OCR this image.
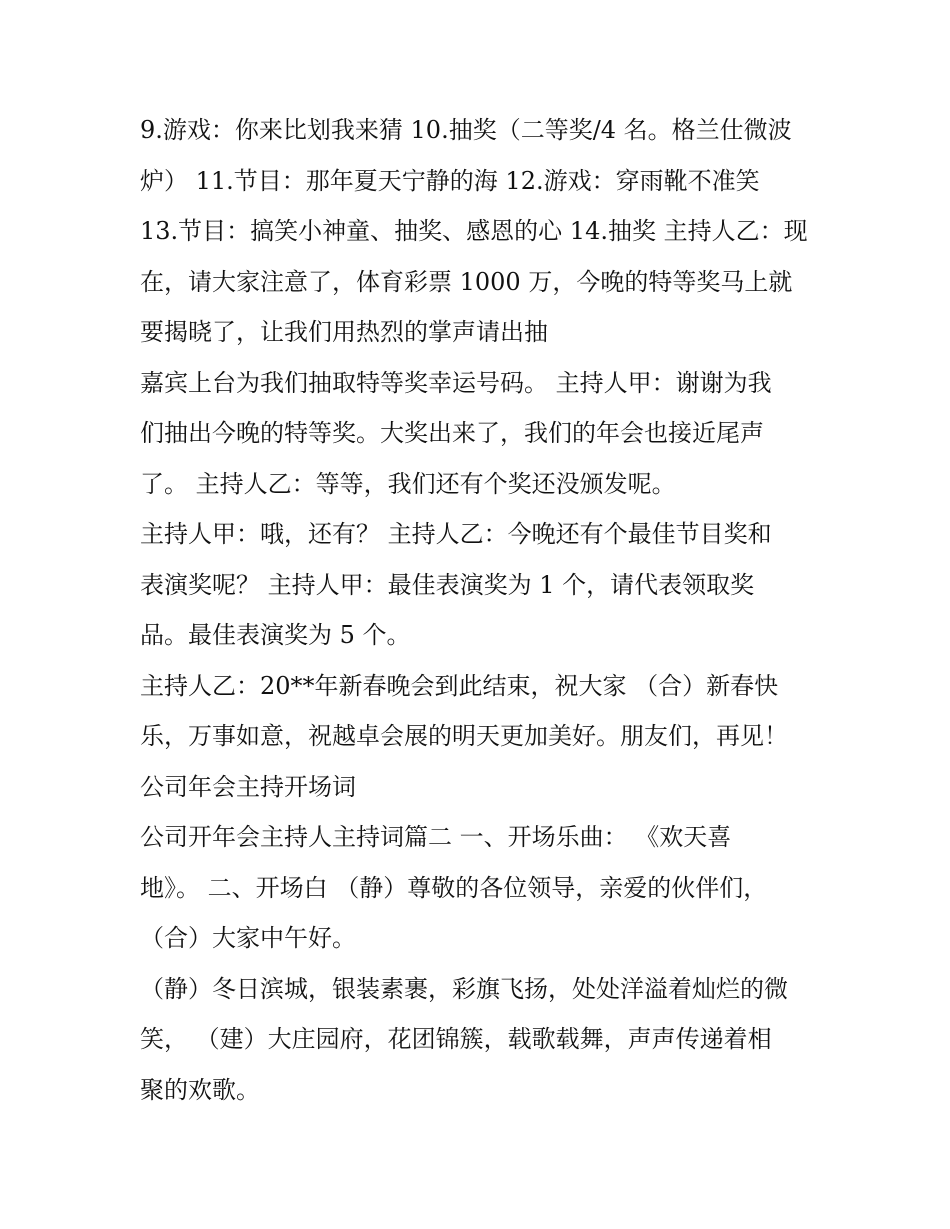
9.游戏：你来比划我来猜 10.抽奖（二等奖/4 名。格兰仕微波
炉） 11.节目：那年夏天宁静的海 12.游戏：穿雨靴不准笑
13.节目：搞笑小神童、抽奖、感恩的心 14.抽奖 主持人乙：现
在，请大家注意了，体育彩票 1000 万，今晚的特等奖马上就
要揭晓了，让我们用热烈的掌声请出抽
嘉宾上台为我们抽取特等奖幸运号码。 主持人甲：谢谢为我
们抽出今晚的特等奖。大奖出来了，我们的年会也接近尾声
了。 主持人乙：等等，我们还有个奖还没颁发呢。
主持人甲：哦，还有？ 主持人乙：今晚还有个最佳节目奖和
表演奖呢？ 主持人甲：最佳表演奖为 1 个，请代表领取奖
品。最佳表演奖为 5 个。
主持人乙：20**年新春晚会到此结束，祝大家 （合）新春快
乐，万事如意，祝越卓会展的明天更加美好。朋友们，再见！
公司年会主持开场词
公司开年会主持人主持词篇二 一、开场乐曲： 《欢天喜
地》。 二、开场白 （静）尊敬的各位领导，亲爱的伙伴们，
（合）大家中午好。
（静）冬日滨城，银装素裹，彩旗飞扬，处处洋溢着灿烂的微
笑， （建）大庄园府，花团锦簇，载歌载舞，声声传递着相
聚的欢歌。
